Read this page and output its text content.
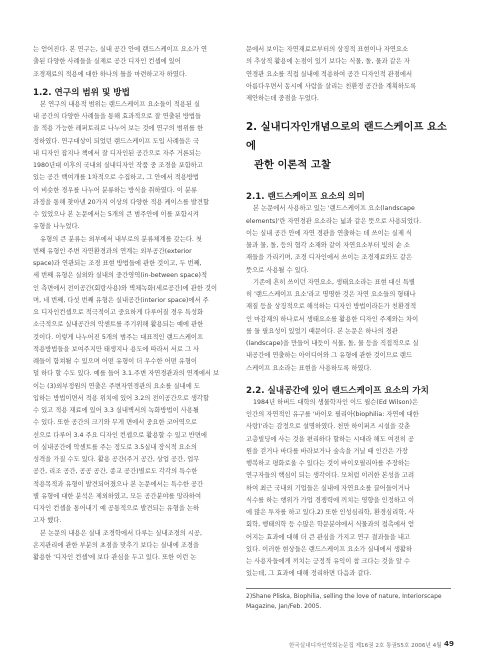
는 얻어진다. 본 연구는, 실내 공간 안에 랜드스케이프 요소가 연

출된 다양한 사례들을 실제로 공간 디자인 컨셉에 있어

조경재료의 적용에 대한 하나의 틀을 마련하고자 하였다.

1.2. 연구의 범위 및 방법

본 연구의 내용적 범위는 랜드스케이프 요소들이 적용된 실

내 공간의 다양한 사례들을 통해 효과적으로 잘 연출된 방법들

을 적용 가능한 레퍼토리로 나누어 보는 것에 연구의 범위를 한

정하였다. 연구대상이 되었던 랜드스케이프 도입 사례들은 국

내 디자인 잡지나 책에서 잘 디자인된 공간으로 자주 거론되는

1980년대 이후의 국내외 실내디자인 작품 중 조경을 포함하고

있는 공간 백여개를 1차적으로 수집하고, 그 안에서 적용방법

이 비슷한 경우를 나누어 분류하는 방식을 취하였다. 이 분류

과정을 통해 찾아낸 20가지 이상의 다양한 적용 케이스를 발견할

수 있었으나 본 논문에서는 5개의 큰 범주안에 이를 포함시켜

유형을 나누었다.

유형의 큰 분류는 외부에서 내부로의 분류체계를 갖는다. 첫

번째 유형인 주변 자연환경과의 연계는 외부공간(exterior

space)과 연관되는 조경 표현 방법들에 관한 것이고, 두 번째,

세 번째 유형은 실외와 실내의 중간영역(in-between space)적

인 측면에서 전이공간(회랑사용)와 벽체녹화(세로공간)에 관한 것이

며, 네 번째, 다섯 번째 유형은 실내공간(interior space)에서 주

요 디자인컨셉으로 적극적이고 중요하게 다루어질 경우 특성화

소극적으로 실내공간의 악센트를 주기위해 활용되는 예에 관한

것이다. 이렇게 나누어진 5개의 범주는 대표적인 랜드스케이프

적용방법들을 보여주지만 태생지나 용도에 따라서 서로 그 사

례들이 함쳐될 수 있으며 어떤 유형이 더 우수한 어떤 유형이

덜 하다 할 수도 있다. 예를 들어 3.1.주변 자연경관과의 연계에서 보

이는 (3)외부정원의 연출은 주변자연경관의 요소를 실내에 도

입하는 방법이면서 적용 위치에 있어 3.2의 전이공간으로 생각할

수 있고 적용 재료에 있어 3.3 실내벽서의 녹화방법이 사용될

수 있다. 또한 공간의 크기와 무게 면에서 중요한 코어역으로

선으로 다루어 3.4 주요 디자인 컨셉으로 활용할 수 있고 반면에

이 실내공간에 악센트를 주는 정도로 3.5실내 장식적 요소의

성격을 가질 수도 있다. 활용 공간(주거 공간, 상업 공간, 업무

공간, 리조 공간, 공공 공간, 종교 공간)별로도 각각의 특수한

적용목적과 유형이 발견되어졌으나 본 논문에서는 특수한 공간

별 유형에 대한 분석은 제외하였고, 모든 공간분야를 망라하여

디자인 컨셉을 통어내기 예 공통적으로 발견되는 유형을 논하

고자 했다.

본 논문의 내용은 실내 조경학에서 다루는 실내조경의 시공,

온지관리에 관한 부분의 초점을 맞추기 보다는 실내에 조경을

활용한 '디자인 컨셉'에 보다 관심을 두고 있다. 또한 이런 논

문에서 보이는 자연재료로부터의 상징적 표현이나 자연요소

의 추상적 활용에 논점이 있기 보다는 식물, 돌, 물과 같은 자

연경관 요소를 직접 실내에 적용하여 공간 디자인적 관점에서

아름다우면서 동시에 사람을 살리는 친환경 공간을 계획하도록

제안하는데 중점을 두었다.

2. 실내디자인개념으로의 랜드스케이프 요소에
관한 이론적 고찰

2.1. 랜드스케이프 요소의 의미

본 논문에서 사용하고 있는 '랜드스케이프 요소(landscape

elements)'란 자연경관 요소라는 넓과 같은 뜻으로 사용되었다.

이는 실내 공간 안에 자연 경관을 연출하는 데 쓰이는 실제 식

물과 물, 돌, 등의 협각 소재와 같이 자연요소부터 빛의 순 소

재들을 가리키며, 조경 디자인에서 쓰이는 조경재료와도 같은

뜻으로 사용될 수 있다.

기존에 흔히 쓰이던 자연요소, 생태요소라는 표현 대신 특별

히 '랜드스케이프 요소'라고 명명한 것은 자연 요소들의 형태나

재질 등을 상징적으로 해석하는 디자인 방법이라든가 친환경적

인 마감재의 하나로서 생태요소를 활용한 디자인 주제와는 차이

를 둘 필요성이 있었기 때문이다. 본 논문은 하나의 경관

(landscape)을 만들어 내듯이 식물, 돌, 물 등을 직접적으로 실

내공간에 연출하는 아이디어와 그 유형에 관한 것이므로 랜드

스케이프 요소라는 표현을 사용하도록 하였다.

2.2. 실내공간에 있어 랜드스케이프 요소의 가치

1984년 하버드 대학의 생물학자인 이드 윌슨(Ed Wilson)은

인간의 자연적인 유구를 '바이오 필리아(biophilia: 자연에 대한

사랑)'라는 감정으로 설명하였다. 천만 하이퍼즈 시설을 갖춘

고층빌딩에 사는 것을 편리하다 할하는 시대라 해도 여전히 공

원을 걷거나 바다를 바라보거나 숲속을 거닐 때 인간은 가장

행복하고 평화로울 수 있다는 것이 바이오필리아를 주장하는

연구자들의 핵심이 되는 생각이다. 모처럼 이러한 본성을 고려

하여 최근 국내외 기업들은 실내에 자연요소를 끌어들이거나

식수를 하는 행위가 가업 경쟁력에 끼치는 영향을 인정하고 이

에 많은 투자를 하고 있다.2) 또한 인성심리학, 환경심리학, 사

회학, 행태의학 등 수많은 학문분야에서 식물과의 접촉에서 얻

어지는 효과에 대해 더 큰 관심을 가지고 연구 결과들을 내고

있다. 이러한 현상들은 랜드스케이프 요소가 실내에서 생활하

는 사용자들에게 끼치는 긍정적 유익이 참 크다는 것을 알 수

있는데, 그 효과에 대해 정리하면 다음과 같다.

2)Shane Pliska, Biophilia, selling the love of nature, Interiorscape Magazine, Jan/Feb. 2005.

한국실내디자인학회논문집 제16권 2호 통권55호 2006년 4월 49
